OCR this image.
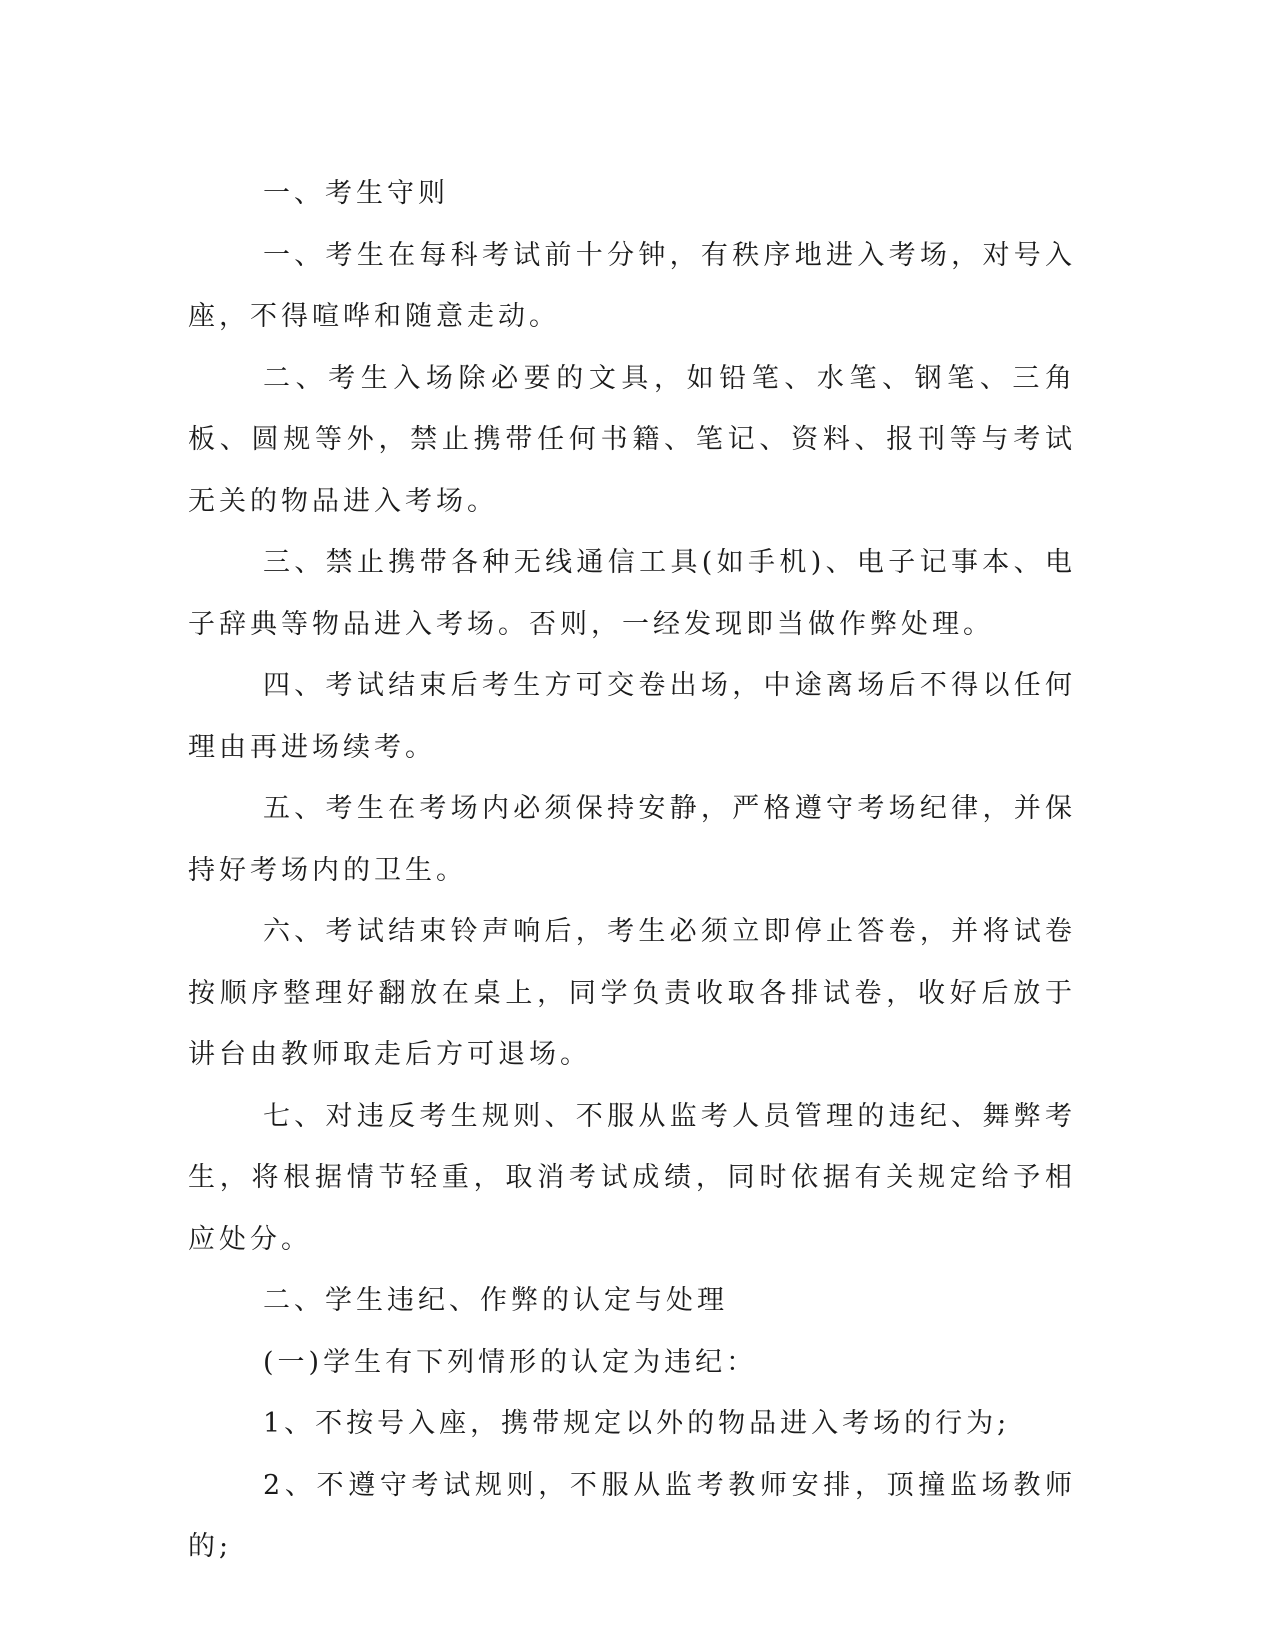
一、考生守则

一、考生在每科考试前十分钟，有秩序地进入考场，对号入座，不得喧哗和随意走动。

二、考生入场除必要的文具，如铅笔、水笔、钢笔、三角板、圆规等外，禁止携带任何书籍、笔记、资料、报刊等与考试无关的物品进入考场。

三、禁止携带各种无线通信工具(如手机)、电子记事本、电子辞典等物品进入考场。否则，一经发现即当做作弊处理。

四、考试结束后考生方可交卷出场，中途离场后不得以任何理由再进场续考。

五、考生在考场内必须保持安静，严格遵守考场纪律，并保持好考场内的卫生。

六、考试结束铃声响后，考生必须立即停止答卷，并将试卷按顺序整理好翻放在桌上，同学负责收取各排试卷，收好后放于讲台由教师取走后方可退场。

七、对违反考生规则、不服从监考人员管理的违纪、舞弊考生，将根据情节轻重，取消考试成绩，同时依据有关规定给予相应处分。

二、学生违纪、作弊的认定与处理

(一)学生有下列情形的认定为违纪：

1、不按号入座，携带规定以外的物品进入考场的行为;

2、不遵守考试规则，不服从监考教师安排，顶撞监场教师的;
